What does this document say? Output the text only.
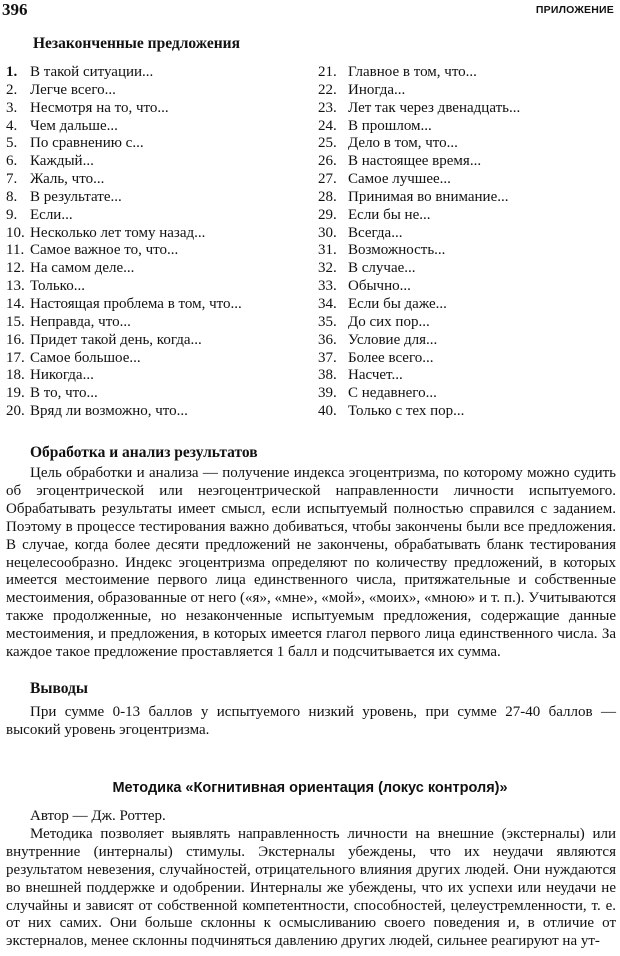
396	ПРИЛОЖЕНИЕ
Незаконченные предложения
1. В такой ситуации...
2. Легче всего...
3. Несмотря на то, что...
4. Чем дальше...
5. По сравнению с...
6. Каждый...
7. Жаль, что...
8. В результате...
9. Если...
10. Несколько лет тому назад...
11. Самое важное то, что...
12. На самом деле...
13. Только...
14. Настоящая проблема в том, что...
15. Неправда, что...
16. Придет такой день, когда...
17. Самое большое...
18. Никогда...
19. В то, что...
20. Вряд ли возможно, что...
21. Главное в том, что...
22. Иногда...
23. Лет так через двенадцать...
24. В прошлом...
25. Дело в том, что...
26. В настоящее время...
27. Самое лучшее...
28. Принимая во внимание...
29. Если бы не...
30. Всегда...
31. Возможность...
32. В случае...
33. Обычно...
34. Если бы даже...
35. До сих пор...
36. Условие для...
37. Более всего...
38. Насчет...
39. С недавнего...
40. Только с тех пор...
Обработка и анализ результатов

Цель обработки и анализа — получение индекса эгоцентризма, по которому можно судить об эгоцентрической или неэгоцентрической направленности личности испытуемого. Обрабатывать результаты имеет смысл, если испытуемый полностью справился с заданием. Поэтому в процессе тестирования важно добиваться, чтобы закончены были все предложения. В случае, когда более десяти предложений не закончены, обрабатывать бланк тестирования нецелесообразно. Индекс эгоцентризма определяют по количеству предложений, в которых имеется местоимение первого лица единственного числа, притяжательные и собственные местоимения, образованные от него («я», «мне», «мой», «моих», «мною» и т. п.). Учитываются также продолженные, но незаконченные испытуемым предложения, содержащие данные местоимения, и предложения, в которых имеется глагол первого лица единственного числа. За каждое такое предложение проставляется 1 балл и подсчитывается их сумма.

Выводы

При сумме 0-13 баллов у испытуемого низкий уровень, при сумме 27-40 баллов — высокий уровень эгоцентризма.

Методика «Когнитивная ориентация (локус контроля)»

Автор — Дж. Роттер.

Методика позволяет выявлять направленность личности на внешние (экстерналы) или внутренние (интерналы) стимулы. Экстерналы убеждены, что их неудачи являются результатом невезения, случайностей, отрицательного влияния других людей. Они нуждаются во внешней поддержке и одобрении. Интерналы же убеждены, что их успехи или неудачи не случайны и зависят от собственной компетентности, способностей, целеустремленности, т. е. от них самих. Они больше склонны к осмысливанию своего поведения и, в отличие от экстерналов, менее склонны подчиняться давлению других людей, сильнее реагируют на ут-
